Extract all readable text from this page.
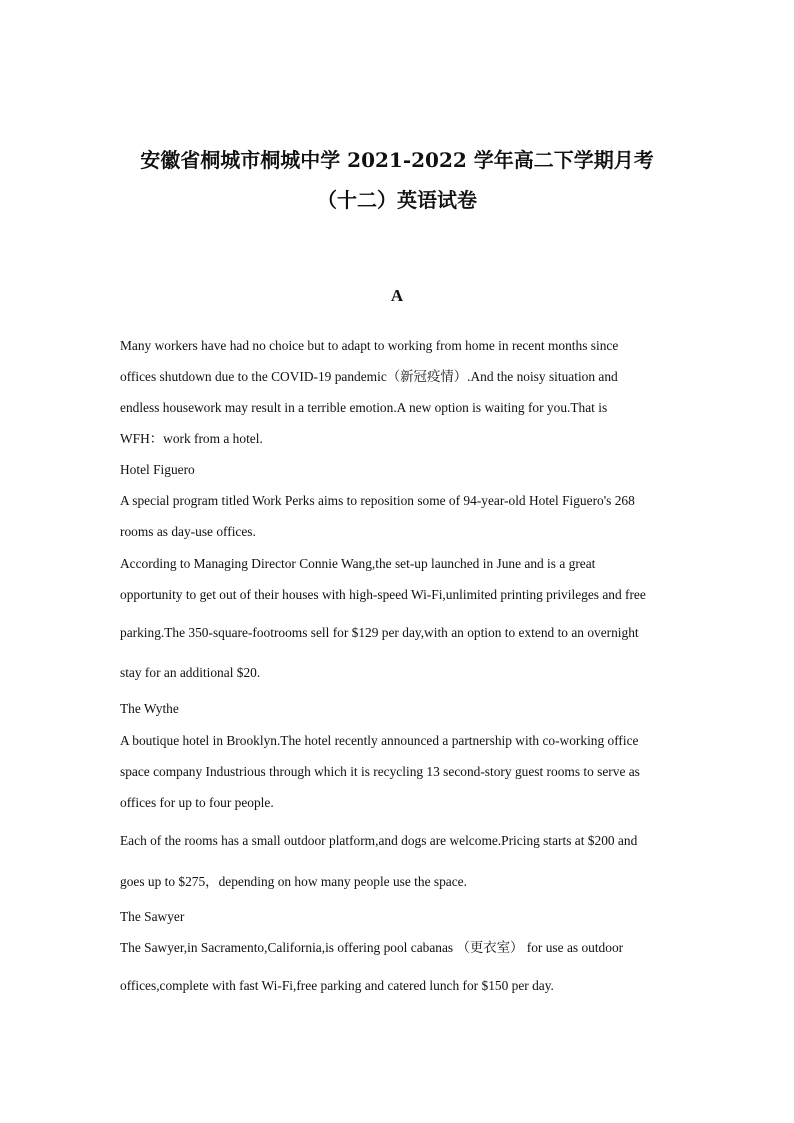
安徽省桐城市桐城中学 2021-2022 学年高二下学期月考
（十二）英语试卷
A
Many workers have had no choice but to adapt to working from home in recent months since
offices shutdown due to the COVID-19 pandemic（新冠疫情）.And the noisy situation and
endless housework may result in a terrible emotion.A new option is waiting for you.That is
WFH：work from a hotel.
Hotel Figuero
A special program titled Work Perks aims to reposition some of 94-year-old Hotel Figuero's 268
rooms as day-use offices.
According to Managing Director Connie Wang,the set-up launched in June and is a great
opportunity to get out of their houses with high-speed Wi-Fi,unlimited printing privileges and free
parking.The 350-square-footrooms sell for $129 per day,with an option to extend to an overnight
stay for an additional $20.
The Wythe
A boutique hotel in Brooklyn.The hotel recently announced a partnership with co-working office
space company Industrious through which it is recycling 13 second-story guest rooms to serve as
offices for up to four people.
Each of the rooms has a small outdoor platform,and dogs are welcome.Pricing starts at $200 and
goes up to $275，depending on how many people use the space.
The Sawyer
The Sawyer,in Sacramento,California,is offering pool cabanas （更衣室） for use as outdoor
offices,complete with fast Wi-Fi,free parking and catered lunch for $150 per day.
